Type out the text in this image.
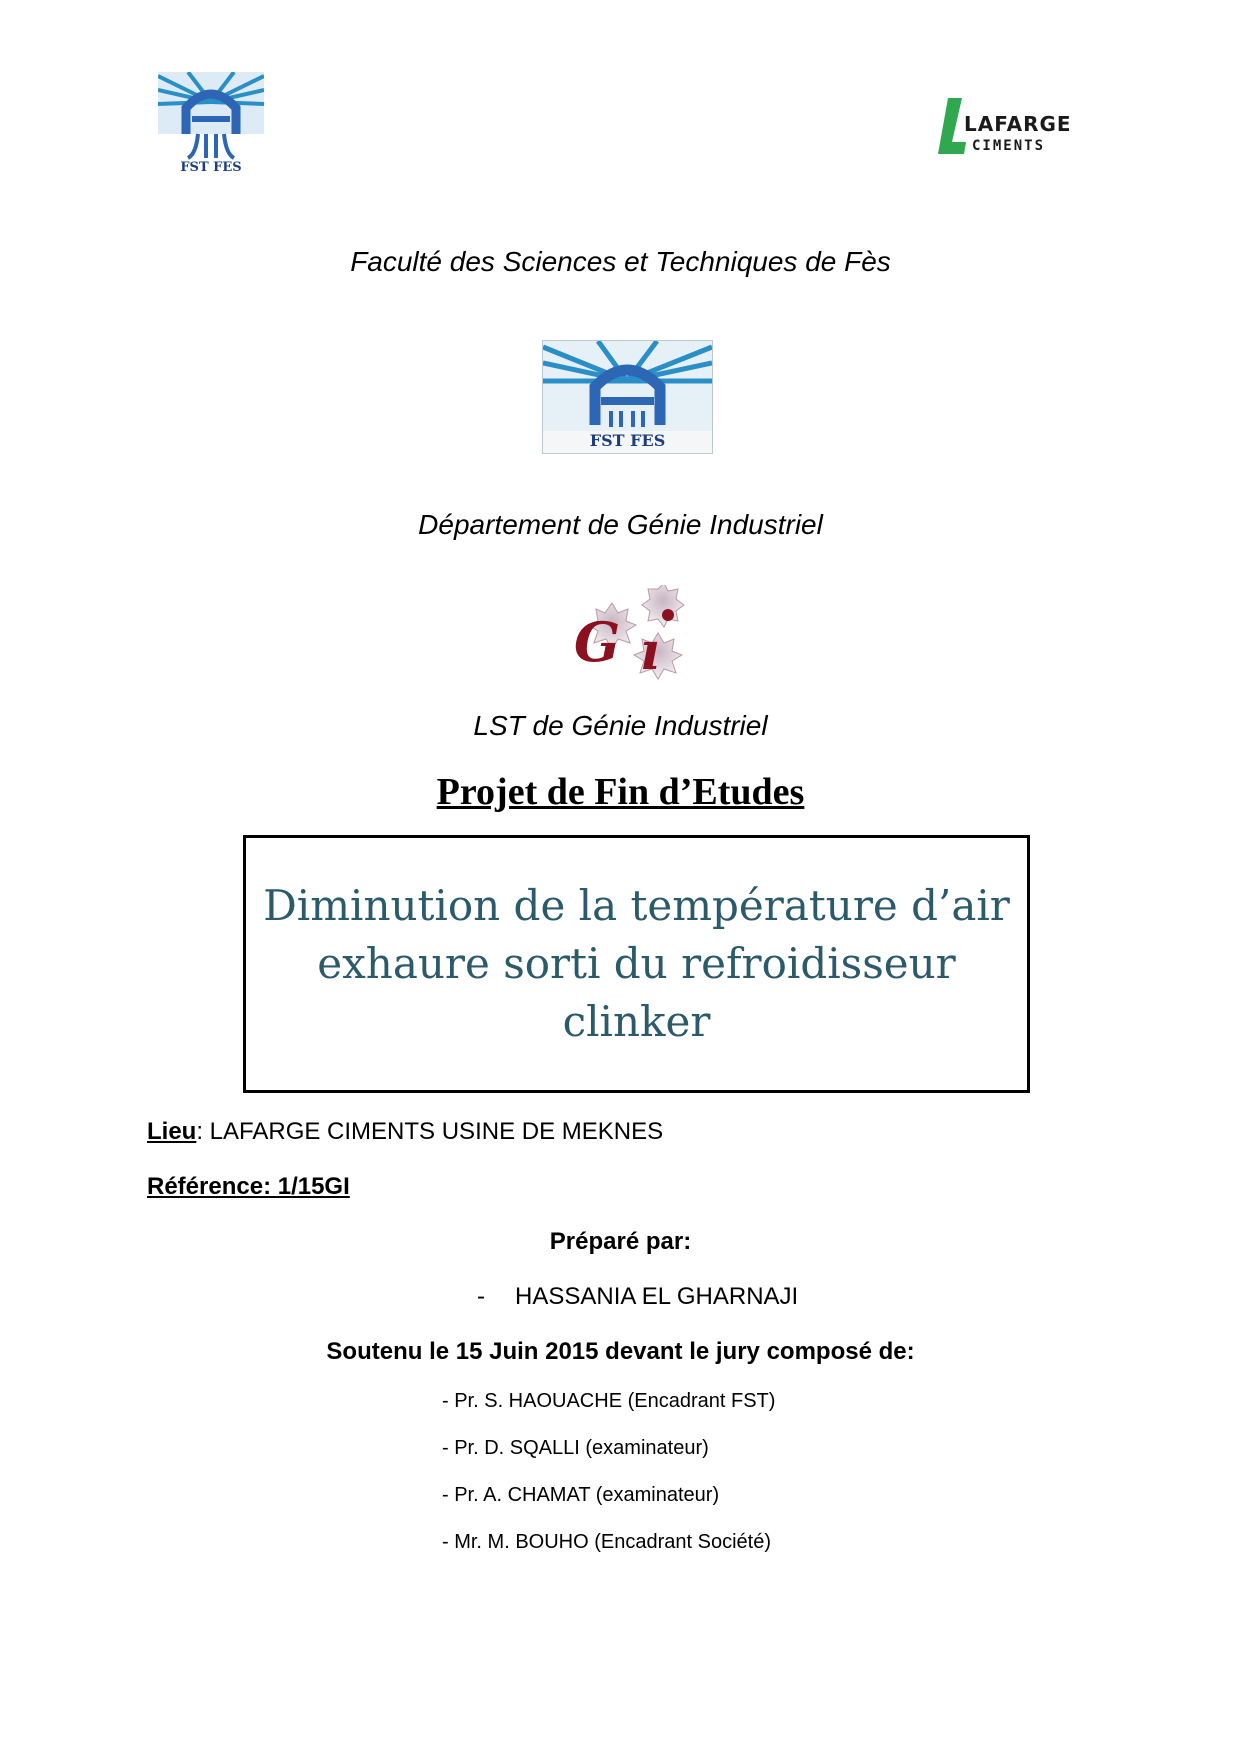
FST FES
LAFARGE
CIMENTS
Faculté des Sciences et Techniques de Fès
FST FES
Département de Génie Industriel
G ı
LST de Génie Industriel
Projet de Fin d’Etudes
Diminution de la température d’air
exhaure sorti du refroidisseur
clinker
Lieu: LAFARGE CIMENTS USINE DE MEKNES
Référence: 1/15GI
Préparé par:
- HASSANIA EL GHARNAJI
Soutenu le 15 Juin 2015 devant le jury composé de:
- Pr. S. HAOUACHE (Encadrant FST)
- Pr. D. SQALLI (examinateur)
- Pr. A. CHAMAT (examinateur)
- Mr. M. BOUHO (Encadrant Société)
